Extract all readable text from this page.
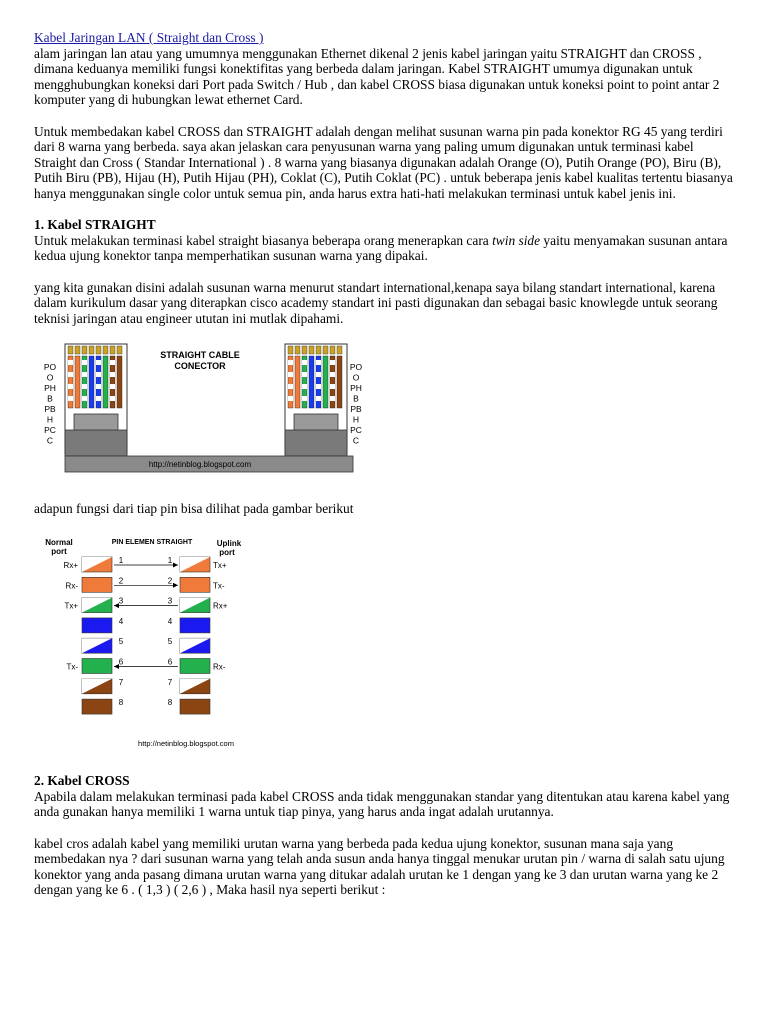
Kabel Jaringan LAN ( Straight dan Cross )

alam jaringan lan atau yang umumnya menggunakan Ethernet dikenal 2 jenis kabel jaringan yaitu STRAIGHT dan CROSS , dimana keduanya memiliki fungsi konektifitas yang berbeda dalam jaringan. Kabel STRAIGHT umumya digunakan untuk mengghubungkan koneksi dari Port pada Switch / Hub , dan kabel CROSS biasa digunakan untuk koneksi point to point antar 2 komputer yang di hubungkan lewat ethernet Card.

Untuk membedakan kabel CROSS dan STRAIGHT adalah dengan melihat susunan warna pin pada konektor RG 45 yang terdiri dari 8 warna yang berbeda. saya akan jelaskan cara penyusunan warna yang paling umum digunakan untuk terminasi kabel Straight dan Cross ( Standar International ) . 8 warna yang biasanya digunakan adalah Orange (O), Putih Orange (PO), Biru (B), Putih Biru (PB), Hijau (H), Putih Hijau (PH), Coklat (C), Putih Coklat (PC) . untuk beberapa jenis kabel kualitas tertentu biasanya hanya menggunakan single color untuk semua pin, anda harus extra hati-hati melakukan terminasi untuk kabel jenis ini.

1. Kabel STRAIGHT

Untuk melakukan terminasi kabel straight biasanya beberapa orang menerapkan cara twin side yaitu menyamakan susunan antara kedua ujung konektor tanpa memperhatikan susunan warna yang dipakai.

yang kita gunakan disini adalah susunan warna menurut standart international,kenapa saya bilang standart international, karena dalam kurikulum dasar yang diterapkan cisco academy standart ini pasti digunakan dan sebagai basic knowlegde untuk seorang teknisi jaringan atau engineer ututan ini mutlak dipahami.

STRAIGHT CABLE
CONECTOR
http://netinblog.blogspot.com
PO	PO
O	O
PH	PH
B	B
PB	PB
H	H
PC	PC
C	C

adapun fungsi dari tiap pin bisa dilihat pada gambar berikut

Normal
port
Uplink
port
PIN ELEMEN STRAIGHT
1	1
Rx+	Tx+
2	2
Rx-	Tx-
3	3
Tx+	Rx+
4	4
5	5
6	6
Tx-	Rx-
7	7
8	8
http://netinblog.blogspot.com
2. Kabel CROSS

Apabila dalam melakukan terminasi pada kabel CROSS anda tidak menggunakan standar yang ditentukan atau karena kabel yang anda gunakan hanya memiliki 1 warna untuk tiap pinya, yang harus anda ingat adalah urutannya.

kabel cros adalah kabel yang memiliki urutan warna yang berbeda pada kedua ujung konektor, susunan mana saja yang membedakan nya ? dari susunan warna yang telah anda susun anda hanya tinggal menukar urutan pin / warna di salah satu ujung konektor yang anda pasang dimana urutan warna yang ditukar adalah urutan ke 1 dengan yang ke 3 dan urutan warna yang ke 2 dengan yang ke 6 . ( 1,3 ) ( 2,6 ) , Maka hasil nya seperti berikut :
